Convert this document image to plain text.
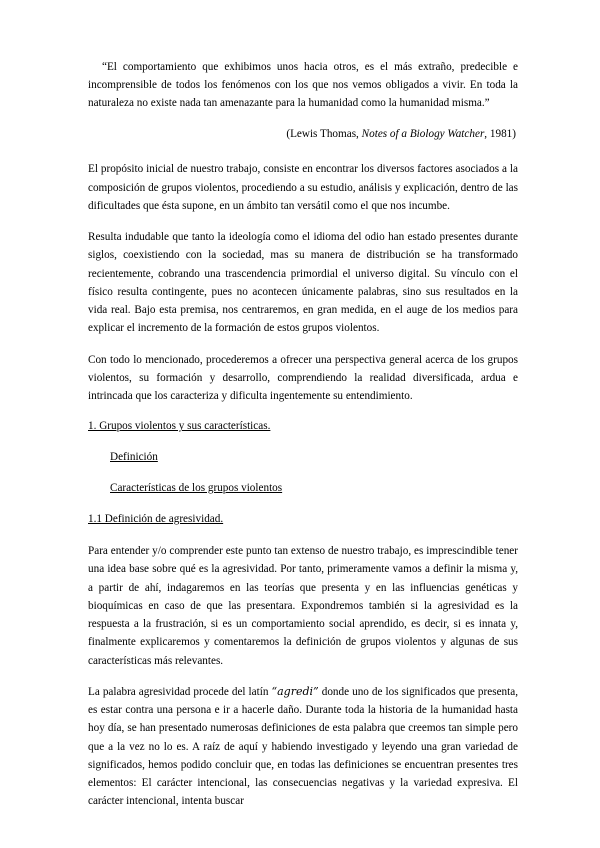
“El comportamiento que exhibimos unos hacia otros, es el más extraño, predecible e incomprensible de todos los fenómenos con los que nos vemos obligados a vivir. En toda la naturaleza no existe nada tan amenazante para la humanidad como la humanidad misma.”

(Lewis Thomas, Notes of a Biology Watcher, 1981)

El propósito inicial de nuestro trabajo, consiste en encontrar los diversos factores asociados a la composición de grupos violentos, procediendo a su estudio, análisis y explicación, dentro de las dificultades que ésta supone, en un ámbito tan versátil como el que nos incumbe.

Resulta indudable que tanto la ideología como el idioma del odio han estado presentes durante siglos, coexistiendo con la sociedad, mas su manera de distribución se ha transformado recientemente, cobrando una trascendencia primordial el universo digital. Su vínculo con el físico resulta contingente, pues no acontecen únicamente palabras, sino sus resultados en la vida real. Bajo esta premisa, nos centraremos, en gran medida, en el auge de los medios para explicar el incremento de la formación de estos grupos violentos.

Con todo lo mencionado, procederemos a ofrecer una perspectiva general acerca de los grupos violentos, su formación y desarrollo, comprendiendo la realidad diversificada, ardua e intrincada que los caracteriza y dificulta ingentemente su entendimiento.

1. Grupos violentos y sus características.

Definición

Características de los grupos violentos

1.1 Definición de agresividad.

Para entender y/o comprender este punto tan extenso de nuestro trabajo, es imprescindible tener una idea base sobre qué es la agresividad. Por tanto, primeramente vamos a definir la misma y, a partir de ahí, indagaremos en las teorías que presenta y en las influencias genéticas y bioquímicas en caso de que las presentara. Expondremos también si la agresividad es la respuesta a la frustración, si es un comportamiento social aprendido, es decir, si es innata y, finalmente explicaremos y comentaremos la definición de grupos violentos y algunas de sus características más relevantes.

La palabra agresividad procede del latín “agredi” donde uno de los significados que presenta, es estar contra una persona e ir a hacerle daño. Durante toda la historia de la humanidad hasta hoy día, se han presentado numerosas definiciones de esta palabra que creemos tan simple pero que a la vez no lo es. A raíz de aquí y habiendo investigado y leyendo una gran variedad de significados, hemos podido concluir que, en todas las definiciones se encuentran presentes tres elementos: El carácter intencional, las consecuencias negativas y la variedad expresiva. El carácter intencional, intenta buscar
